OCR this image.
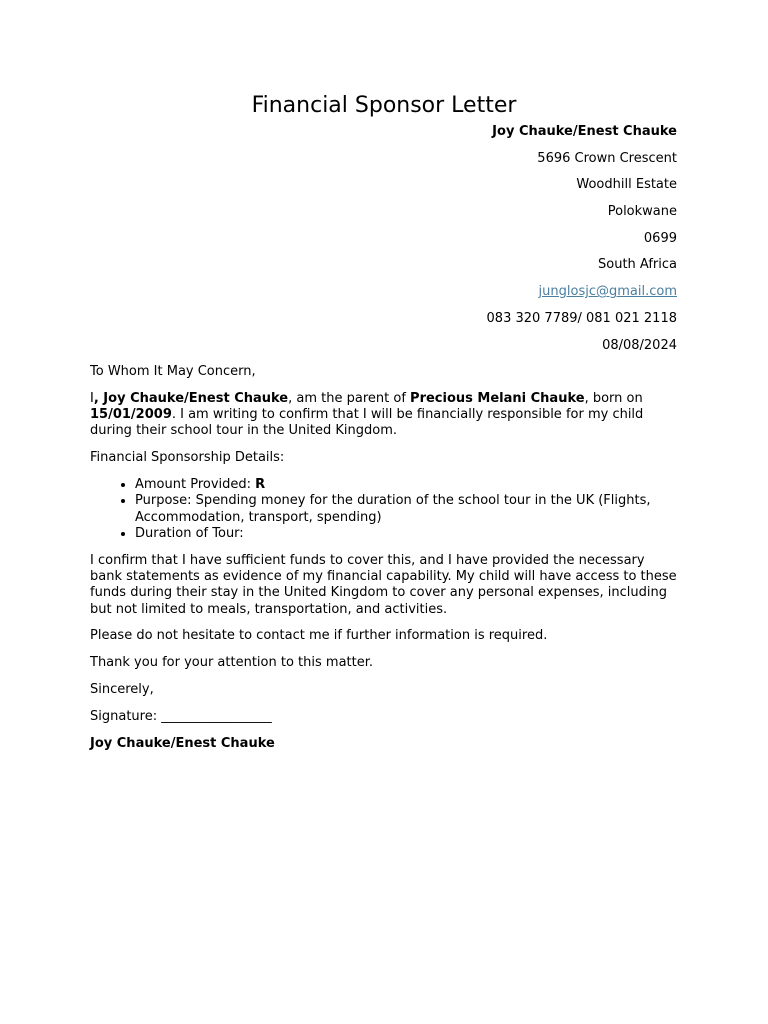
Financial Sponsor Letter
Joy Chauke/Enest Chauke
5696 Crown Crescent
Woodhill Estate
Polokwane
0699
South Africa
junglosjc@gmail.com
083 320 7789/ 081 021 2118
08/08/2024

To Whom It May Concern,

I, Joy Chauke/Enest Chauke, am the parent of Precious Melani Chauke, born on 15/01/2009. I am writing to confirm that I will be financially responsible for my child during their school tour in the United Kingdom.

Financial Sponsorship Details:

• Amount Provided: R
• Purpose: Spending money for the duration of the school tour in the UK (Flights, Accommodation, transport, spending)
• Duration of Tour:

I confirm that I have sufficient funds to cover this, and I have provided the necessary bank statements as evidence of my financial capability. My child will have access to these funds during their stay in the United Kingdom to cover any personal expenses, including but not limited to meals, transportation, and activities.

Please do not hesitate to contact me if further information is required.

Thank you for your attention to this matter.

Sincerely,

Signature: _________________

Joy Chauke/Enest Chauke
